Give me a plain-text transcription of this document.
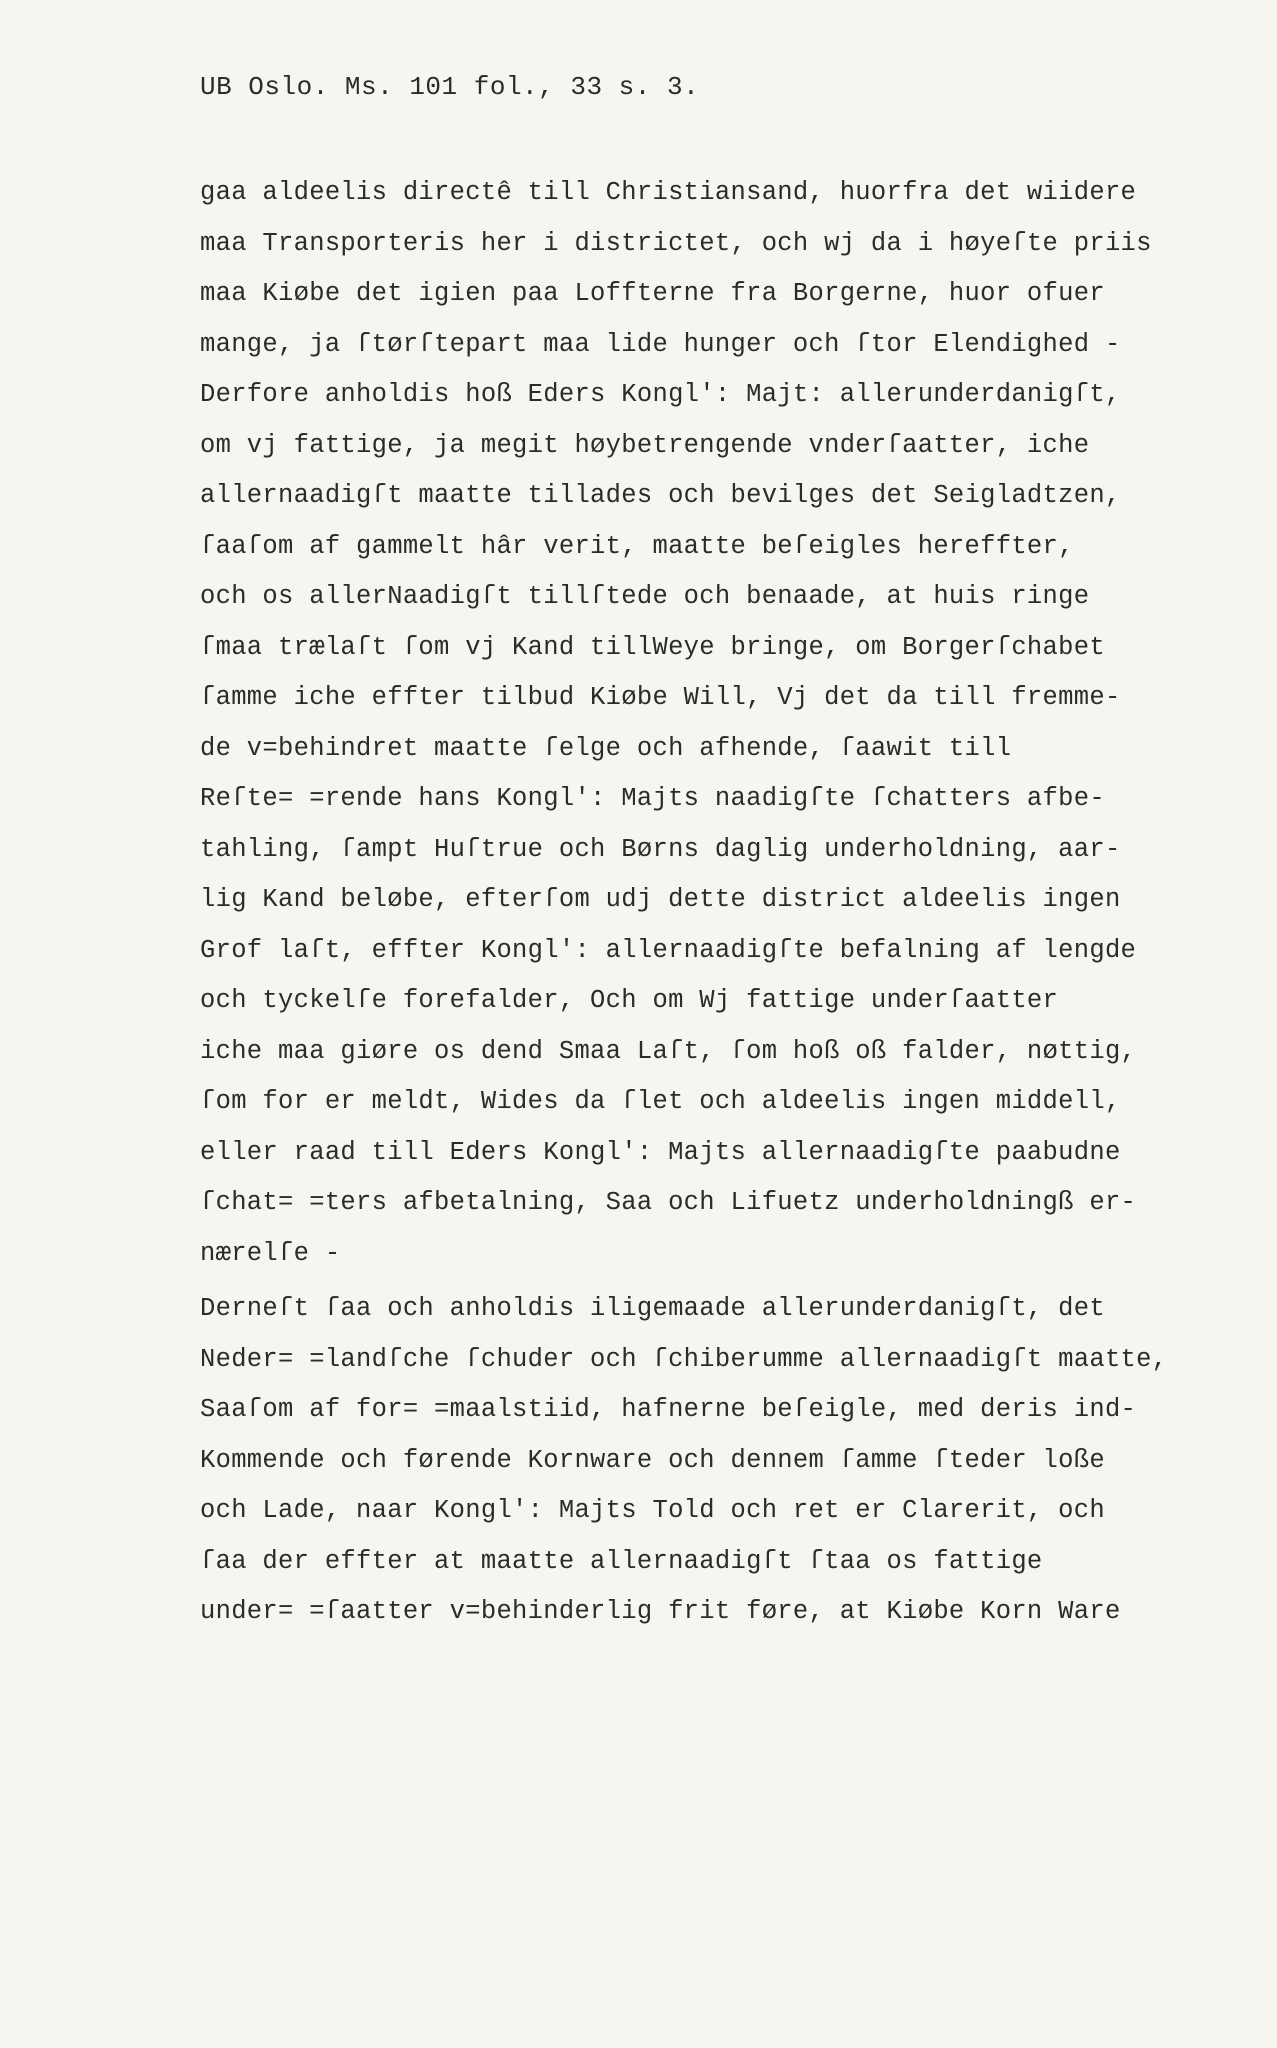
UB Oslo. Ms. 101 fol., 33 s. 3.
gaa aldeelis directê till Christiansand, huorfra det wiidere
maa Transporteris her i districtet, och wj da i høyeſte priis
maa Kiøbe det igien paa Loffterne fra Borgerne, huor ofuer
mange, ja ſtørſtepart maa lide hunger och ſtor Elendighed -
Derfore anholdis hoß Eders Kongl': Majt: allerunderdanigſt,
om vj fattige, ja megit høybetrengende vnderſaatter, iche
allernaadigſt maatte tillades och bevilges det Seigladtzen,
ſaaſom af gammelt hâr verit, maatte beſeigles hereffter,
och os allerNaadigſt tillſtede och benaade, at huis ringe
ſmaa trælaſt ſom vj Kand tillWeye bringe, om Borgerſchabet
ſamme iche effter tilbud Kiøbe Will, Vj det da till fremme-
de v=behindret maatte ſelge och afhende, ſaawit till
Reſte= =rende hans Kongl': Majts naadigſte ſchatters afbe-
tahling, ſampt Huſtrue och Børns daglig underholdning, aar-
lig Kand beløbe, efterſom udj dette district aldeelis ingen
Grof laſt, effter Kongl': allernaadigſte befalning af lengde
och tyckelſe forefalder, Och om Wj fattige underſaatter
iche maa giøre os dend Smaa Laſt, ſom hoß oß falder, nøttig,
ſom for er meldt, Wides da ſlet och aldeelis ingen middell,
eller raad till Eders Kongl': Majts allernaadigſte paabudne
ſchat= =ters afbetalning, Saa och Lifuetz underholdningß er-
nærelſe -
Derneſt ſaa och anholdis iligemaade allerunderdanigſt, det
Neder= =landſche ſchuder och ſchiberumme allernaadigſt maatte,
Saaſom af for= =maalstiid, hafnerne beſeigle, med deris ind-
Kommende och førende Kornware och dennem ſamme ſteder loße
och Lade, naar Kongl': Majts Told och ret er Clarerit, och
ſaa der effter at maatte allernaadigſt ſtaa os fattige
under= =ſaatter v=behinderlig frit føre, at Kiøbe Korn Ware
